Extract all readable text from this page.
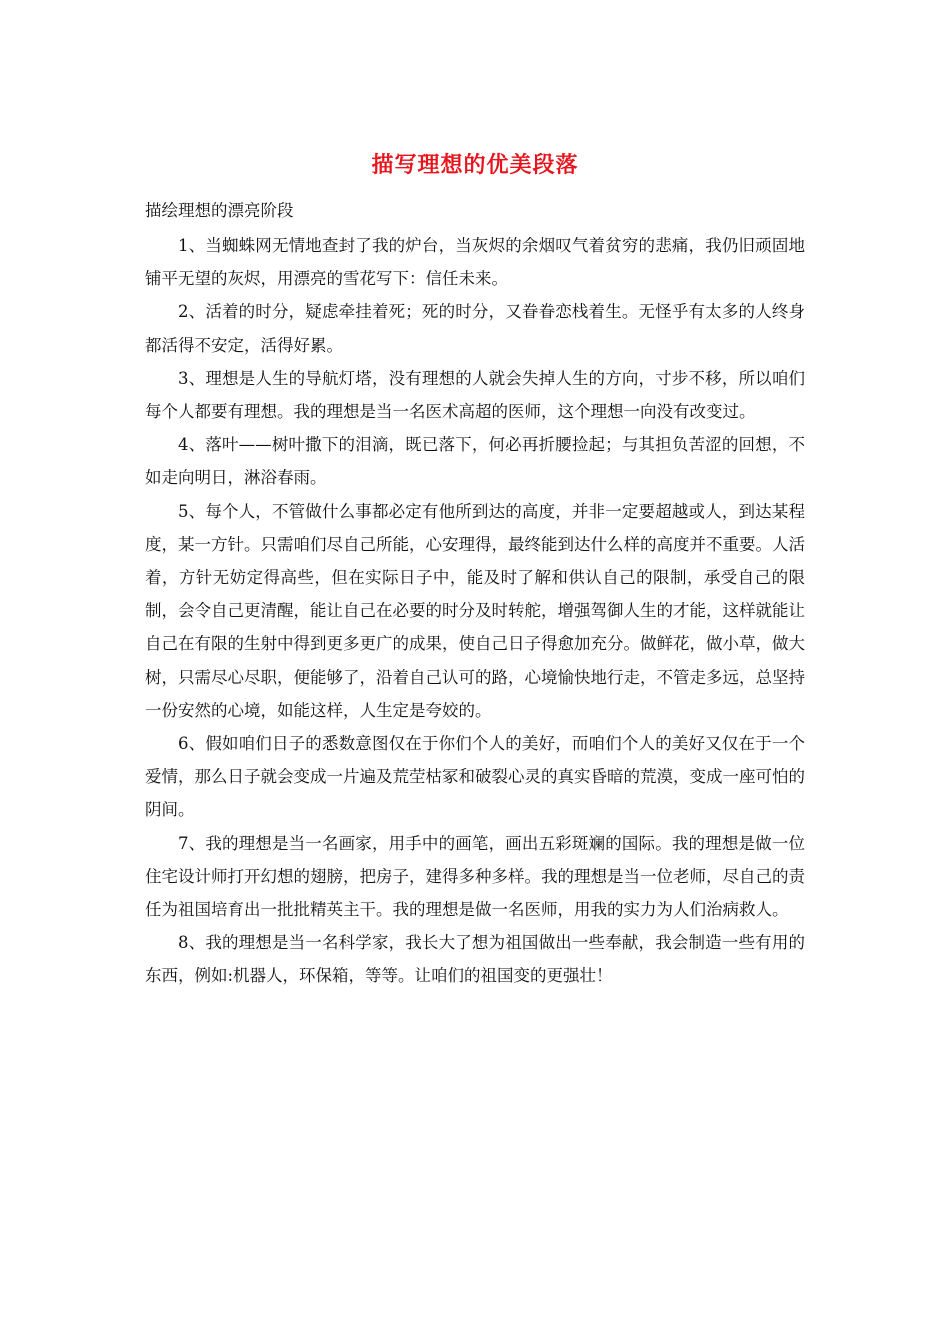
描写理想的优美段落
描绘理想的漂亮阶段

1、当蜘蛛网无情地查封了我的炉台，当灰烬的余烟叹气着贫穷的悲痛，我仍旧顽固地铺平无望的灰烬，用漂亮的雪花写下：信任未来。

2、活着的时分，疑虑牵挂着死；死的时分，又眷眷恋栈着生。无怪乎有太多的人终身都活得不安定，活得好累。

3、理想是人生的导航灯塔，没有理想的人就会失掉人生的方向，寸步不移，所以咱们每个人都要有理想。我的理想是当一名医术高超的医师，这个理想一向没有改变过。

4、落叶——树叶撒下的泪滴，既已落下，何必再折腰捡起；与其担负苦涩的回想，不如走向明日，淋浴春雨。

5、每个人，不管做什么事都必定有他所到达的高度，并非一定要超越或人，到达某程度，某一方针。只需咱们尽自己所能，心安理得，最终能到达什么样的高度并不重要。人活着，方针无妨定得高些，但在实际日子中，能及时了解和供认自己的限制，承受自己的限制，会令自己更清醒，能让自己在必要的时分及时转舵，增强驾御人生的才能，这样就能让自己在有限的生射中得到更多更广的成果，使自己日子得愈加充分。做鲜花，做小草，做大树，只需尽心尽职，便能够了，沿着自己认可的路，心境愉快地行走，不管走多远，总坚持一份安然的心境，如能这样，人生定是夸姣的。

6、假如咱们日子的悉数意图仅在于你们个人的美好，而咱们个人的美好又仅在于一个爱情，那么日子就会变成一片遍及荒茔枯冢和破裂心灵的真实昏暗的荒漠，变成一座可怕的阴间。

7、我的理想是当一名画家，用手中的画笔，画出五彩斑斓的国际。我的理想是做一位住宅设计师打开幻想的翅膀，把房子，建得多种多样。我的理想是当一位老师，尽自己的责任为祖国培育出一批批精英主干。我的理想是做一名医师，用我的实力为人们治病救人。

8、我的理想是当一名科学家，我长大了想为祖国做出一些奉献，我会制造一些有用的东西，例如:机器人，环保箱，等等。让咱们的祖国变的更强壮！
